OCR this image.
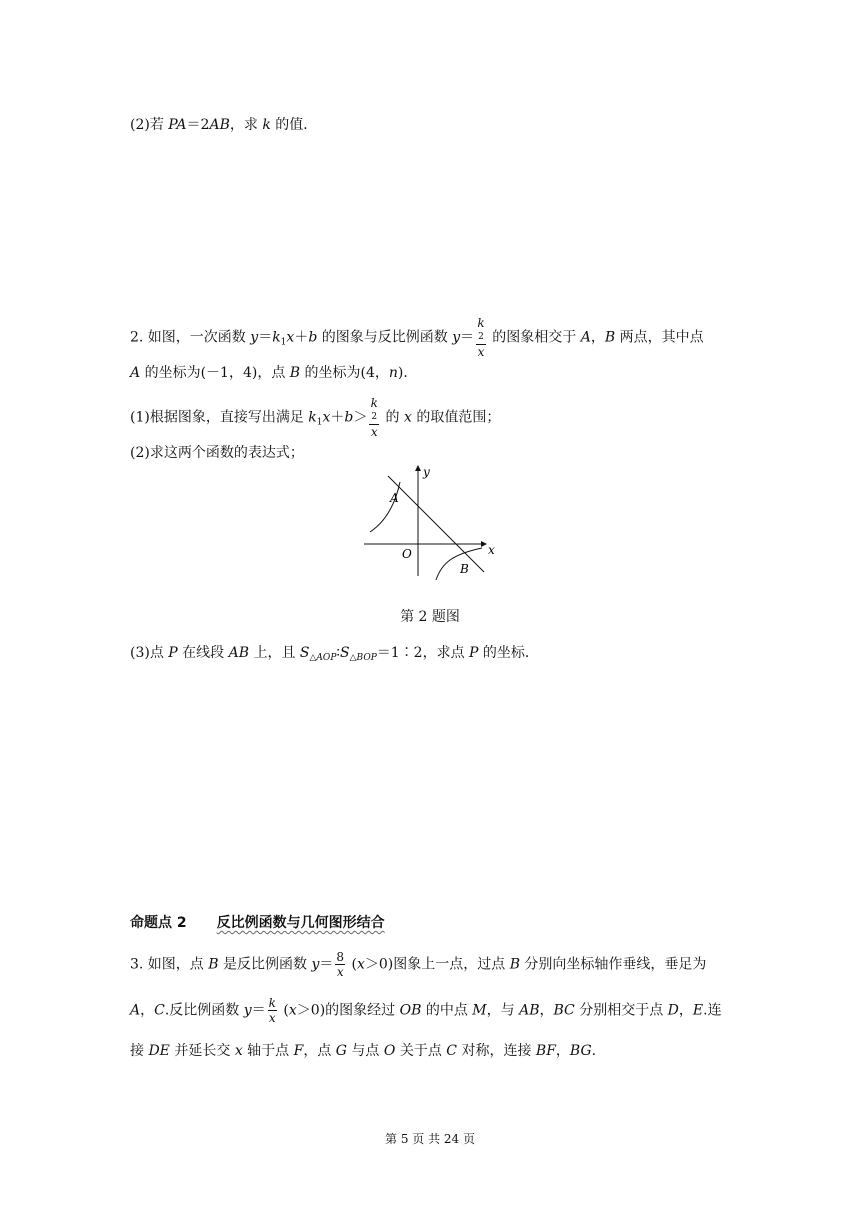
(2)若 PA＝2AB，求 k 的值．
2. 如图，一次函数 $y=k_1x+b$ 的图象与反比例函数 y＝ k
2
x 的图象相交于 A，B 两点，其中点
A 的坐标为(－1，4)，点 B 的坐标为(4，n)．
(1)根据图象，直接写出满足 $k_1x+b> k$
2
x 的 x 的取值范围；
(2)求这两个函数的表达式；
y
x
O
A
B
第 2 题图
(3)点 P 在线段 AB 上，且 $S_{\triangle AOP}∶S_{\triangle BOP}=1∶2$，求点 P 的坐标．
命题点 2 反比例函数与几何图形结合
3. 如图，点 B 是反比例函数 $y= \frac{8}{x} (x>0)$图象上一点，过点 B 分别向坐标轴作垂线，垂足为
A，C.反比例函数 $y= \frac{k}{x} (x>0)$的图象经过 OB 的中点 M，与 AB，BC 分别相交于点 D，E.连
接 DE 并延长交 x 轴于点 F，点 G 与点 O 关于点 C 对称，连接 BF，BG.
第 5 页 共 24 页
